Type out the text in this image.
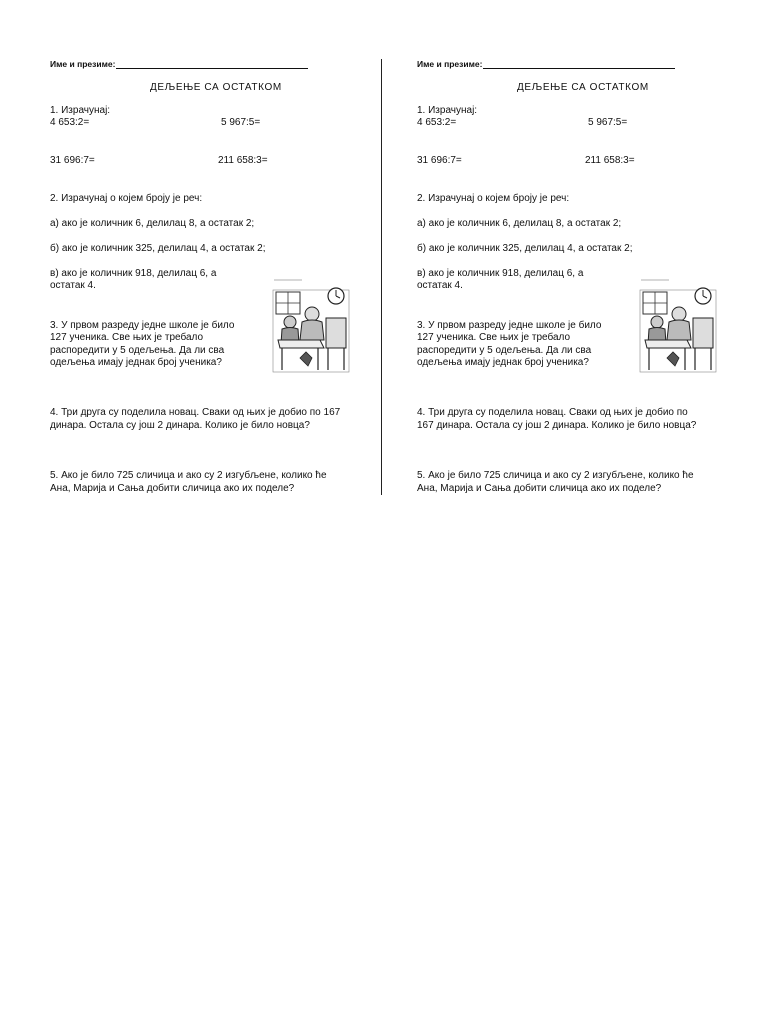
Име и презиме:
ДЕЉЕЊЕ СА ОСТАТКОМ
1. Израчунај:
4 653:2=	5 967:5=
31 696:7=	211 658:3=
2. Израчунај о којем броју је реч:
а) ако је количник 6, делилац 8, а остатак 2;
б) ако је количник 325, делилац 4, а остатак 2;
в) ако је количник 918, делилац 6, а
остатак 4.
3. У првом разреду једне школе је било
127 ученика. Све њих је требало
распоредити у 5 одељења. Да ли сва
одељења имају једнак број ученика?
4. Три друга су поделила новац. Сваки од њих је добио по 167
динара. Остала су још 2 динара. Колико је било новца?
5. Ако је било 725 сличица и ако су 2 изгубљене, колико ће
Ана, Марија и Сања добити сличица ако их поделе?
Име и презиме:
ДЕЉЕЊЕ СА ОСТАТКОМ
1. Израчунај:
4 653:2=	5 967:5=
31 696:7=	211 658:3=
2. Израчунај о којем броју је реч:
а) ако је количник 6, делилац 8, а остатак 2;
б) ако је количник 325, делилац 4, а остатак 2;
в) ако је количник 918, делилац 6, а
остатак 4.
3. У првом разреду једне школе је било
127 ученика. Све њих је требало
распоредити у 5 одељења. Да ли сва
одељења имају једнак број ученика?
4. Три друга су поделила новац. Сваки од њих је добио по
167 динара. Остала су још 2 динара. Колико је било новца?
5. Ако је било 725 сличица и ако су 2 изгубљене, колико ће
Ана, Марија и Сања добити сличица ако их поделе?
